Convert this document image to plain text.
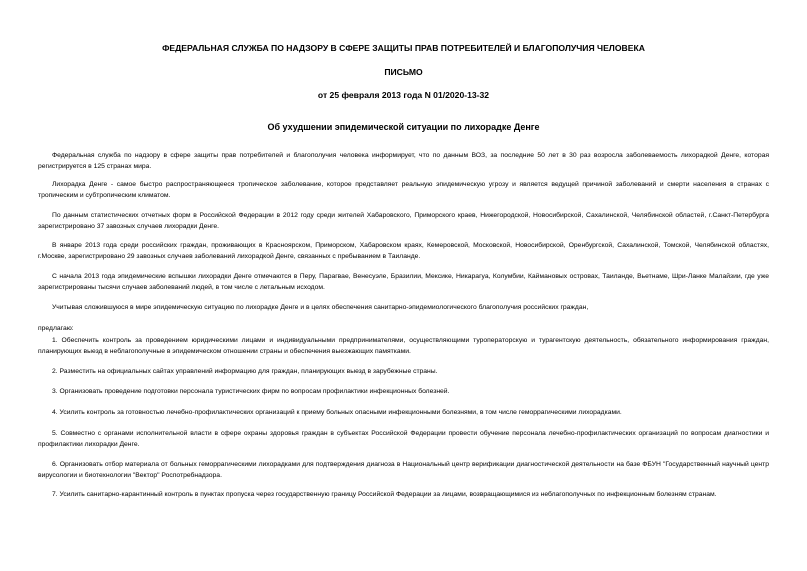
ФЕДЕРАЛЬНАЯ СЛУЖБА ПО НАДЗОРУ В СФЕРЕ ЗАЩИТЫ ПРАВ ПОТРЕБИТЕЛЕЙ И БЛАГОПОЛУЧИЯ ЧЕЛОВЕКА
ПИСЬМО
от 25 февраля 2013 года N 01/2020-13-32
Об ухудшении эпидемической ситуации по лихорадке Денге

Федеральная служба по надзору в сфере защиты прав потребителей и благополучия человека информирует, что по данным ВОЗ, за последние 50 лет в 30 раз возросла заболеваемость лихорадкой Денге, которая регистрируется в 125 странах мира.

Лихорадка Денге - самое быстро распространяющееся тропическое заболевание, которое представляет реальную эпидемическую угрозу и является ведущей причиной заболеваний и смерти населения в странах с тропическим и субтропическим климатом.

По данным статистических отчетных форм в Российской Федерации в 2012 году среди жителей Хабаровского, Приморского краев, Нижегородской, Новосибирской, Сахалинской, Челябинской областей, г.Санкт-Петербурга зарегистрировано 37 завозных случаев лихорадки Денге.

В январе 2013 года среди российских граждан, проживающих в Красноярском, Приморском, Хабаровском краях, Кемеровской, Московской, Новосибирской, Оренбургской, Сахалинской, Томской, Челябинской областях, г.Москве, зарегистрировано 29 завозных случаев заболеваний лихорадкой Денге, связанных с пребыванием в Таиланде.

С начала 2013 года эпидемические вспышки лихорадки Денге отмечаются в Перу, Парагвае, Венесуэле, Бразилии, Мексике, Никарагуа, Колумбии, Каймановых островах, Таиланде, Вьетнаме, Шри-Ланке Малайзии, где уже зарегистрированы тысячи случаев заболеваний людей, в том числе с летальным исходом.

Учитывая сложившуюся в мире эпидемическую ситуацию по лихорадке Денге и в целях обеспечения санитарно-эпидемиологического благополучия российских граждан,

предлагаю:

1. Обеспечить контроль за проведением юридическими лицами и индивидуальными предпринимателями, осуществляющими туроператорскую и турагентскую деятельность, обязательного информирования граждан, планирующих выезд в неблагополучные в эпидемическом отношении страны и обеспечения выезжающих памятками.

2. Разместить на официальных сайтах управлений информацию для граждан, планирующих выезд в зарубежные страны.

3. Организовать проведение подготовки персонала туристических фирм по вопросам профилактики инфекционных болезней.

4. Усилить контроль за готовностью лечебно-профилактических организаций к приему больных опасными инфекционными болезнями, в том числе геморрагическими лихорадками.

5. Совместно с органами исполнительной власти в сфере охраны здоровья граждан в субъектах Российской Федерации провести обучение персонала лечебно-профилактических организаций по вопросам диагностики и профилактики лихорадки Денге.

6. Организовать отбор материала от больных геморрагическими лихорадками для подтверждения диагноза в Национальный центр верификации диагностической деятельности на базе ФБУН "Государственный научный центр вирусологии и биотехнологии "Вектор" Роспотребнадзора.

7. Усилить санитарно-карантинный контроль в пунктах пропуска через государственную границу Российской Федерации за лицами, возвращающимися из неблагополучных по инфекционным болезням странам.
